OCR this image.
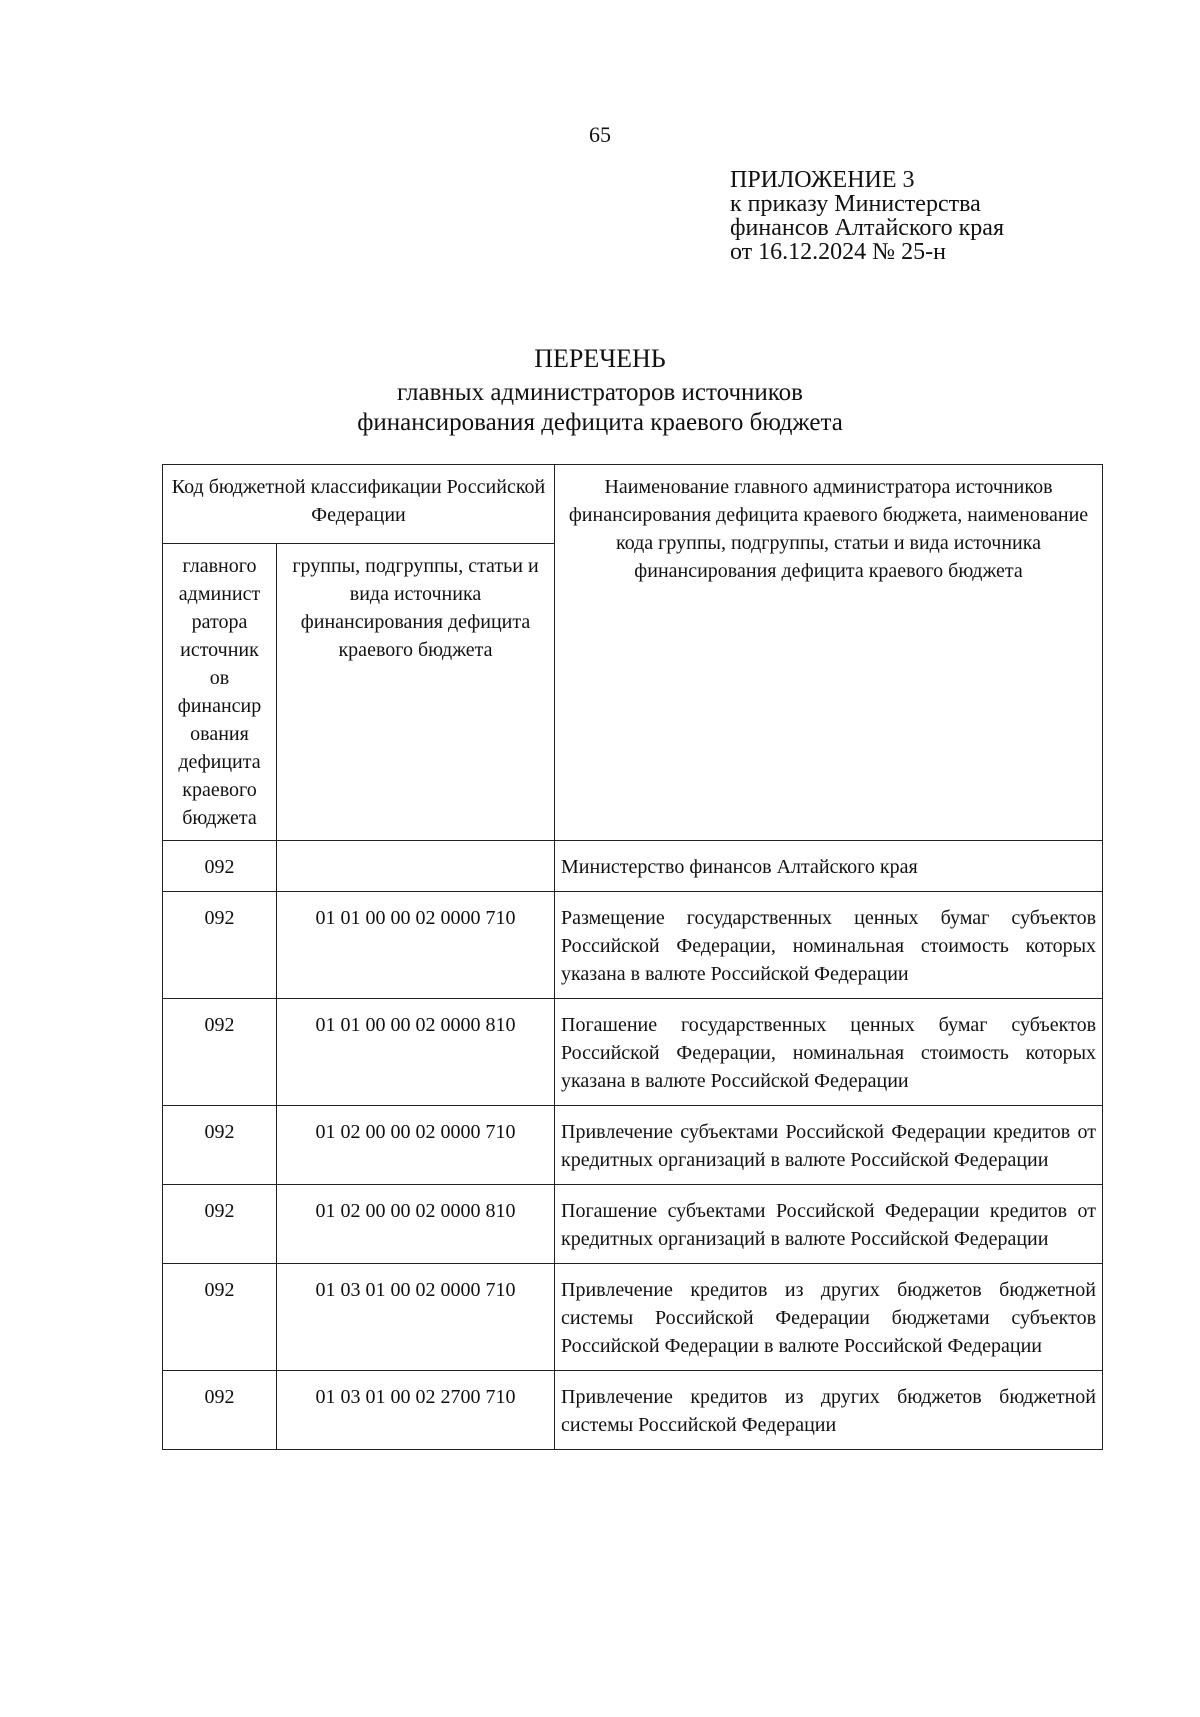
65
ПРИЛОЖЕНИЕ 3
к приказу Министерства
финансов Алтайского края
от 16.12.2024 № 25-н
ПЕРЕЧЕНЬ
главных администраторов источников
финансирования дефицита краевого бюджета
Код бюджетной классификации Российской Федерации		Наименование главного администратора источников финансирования дефицита краевого бюджета, наименование кода группы, подгруппы, статьи и вида источника финансирования дефицита краевого бюджета
главного админист ратора источник ов финансир ования дефицита краевого бюджета	группы, подгруппы, статьи и вида источника финансирования дефицита краевого бюджета	
092		Министерство финансов Алтайского края
092	01 01 00 00 02 0000 710	Размещение государственных ценных бумаг субъектов Российской Федерации, номинальная стоимость которых указана в валюте Российской Федерации
092	01 01 00 00 02 0000 810	Погашение государственных ценных бумаг субъектов Российской Федерации, номинальная стоимость которых указана в валюте Российской Федерации
092	01 02 00 00 02 0000 710	Привлечение субъектами Российской Федерации кредитов от кредитных организаций в валюте Российской Федерации
092	01 02 00 00 02 0000 810	Погашение субъектами Российской Федерации кредитов от кредитных организаций в валюте Российской Федерации
092	01 03 01 00 02 0000 710	Привлечение кредитов из других бюджетов бюджетной системы Российской Федерации бюджетами субъектов Российской Федерации в валюте Российской Федерации
092	01 03 01 00 02 2700 710	Привлечение кредитов из других бюджетов бюджетной системы Российской Федерации
